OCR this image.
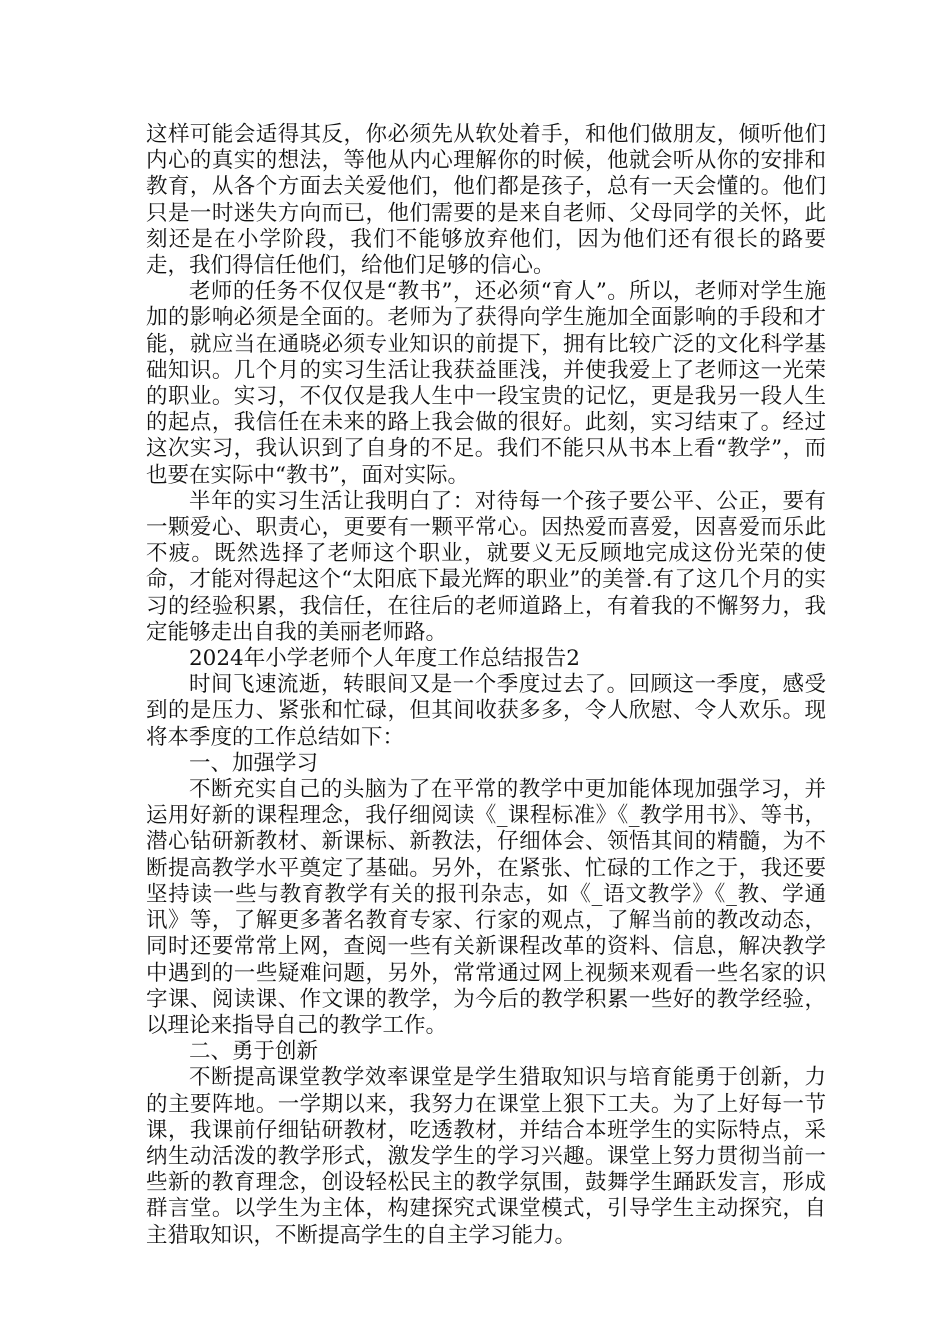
这样可能会适得其反，你必须先从软处着手，和他们做朋友，倾听他们内心的真实的想法，等他从内心理解你的时候，他就会听从你的安排和教育，从各个方面去关爱他们，他们都是孩子，总有一天会懂的。他们只是一时迷失方向而已，他们需要的是来自老师、父母同学的关怀，此刻还是在小学阶段，我们不能够放弃他们，因为他们还有很长的路要走，我们得信任他们，给他们足够的信心。

老师的任务不仅仅是“教书”，还必须“育人”。所以，老师对学生施加的影响必须是全面的。老师为了获得向学生施加全面影响的手段和才能，就应当在通晓必须专业知识的前提下，拥有比较广泛的文化科学基础知识。几个月的实习生活让我获益匪浅，并使我爱上了老师这一光荣的职业。实习，不仅仅是我人生中一段宝贵的记忆，更是我另一段人生的起点，我信任在未来的路上我会做的很好。此刻，实习结束了。经过这次实习，我认识到了自身的不足。我们不能只从书本上看“教学”，而也要在实际中“教书”，面对实际。

半年的实习生活让我明白了：对待每一个孩子要公平、公正，要有一颗爱心、职责心，更要有一颗平常心。因热爱而喜爱，因喜爱而乐此不疲。既然选择了老师这个职业，就要义无反顾地完成这份光荣的使命，才能对得起这个“太阳底下最光辉的职业”的美誉.有了这几个月的实习的经验积累，我信任，在往后的老师道路上，有着我的不懈努力，我定能够走出自我的美丽老师路。

2024年小学老师个人年度工作总结报告2

时间飞速流逝，转眼间又是一个季度过去了。回顾这一季度，感受到的是压力、紧张和忙碌，但其间收获多多，令人欣慰、令人欢乐。现将本季度的工作总结如下：

一、加强学习

不断充实自己的头脑为了在平常的教学中更加能体现加强学习，并运用好新的课程理念，我仔细阅读《_课程标准》《_教学用书》、等书，潜心钻研新教材、新课标、新教法，仔细体会、领悟其间的精髓，为不断提高教学水平奠定了基础。另外，在紧张、忙碌的工作之于，我还要坚持读一些与教育教学有关的报刊杂志，如《_语文教学》《_教、学通讯》等，了解更多著名教育专家、行家的观点，了解当前的教改动态，同时还要常常上网，查阅一些有关新课程改革的资料、信息，解决教学中遇到的一些疑难问题，另外，常常通过网上视频来观看一些名家的识字课、阅读课、作文课的教学，为今后的教学积累一些好的教学经验，以理论来指导自己的教学工作。

二、勇于创新

不断提高课堂教学效率课堂是学生猎取知识与培育能勇于创新，力的主要阵地。一学期以来，我努力在课堂上狠下工夫。为了上好每一节课，我课前仔细钻研教材，吃透教材，并结合本班学生的实际特点，采纳生动活泼的教学形式，激发学生的学习兴趣。课堂上努力贯彻当前一些新的教育理念，创设轻松民主的教学氛围，鼓舞学生踊跃发言，形成群言堂。以学生为主体，构建探究式课堂模式，引导学生主动探究，自主猎取知识，不断提高学生的自主学习能力。
